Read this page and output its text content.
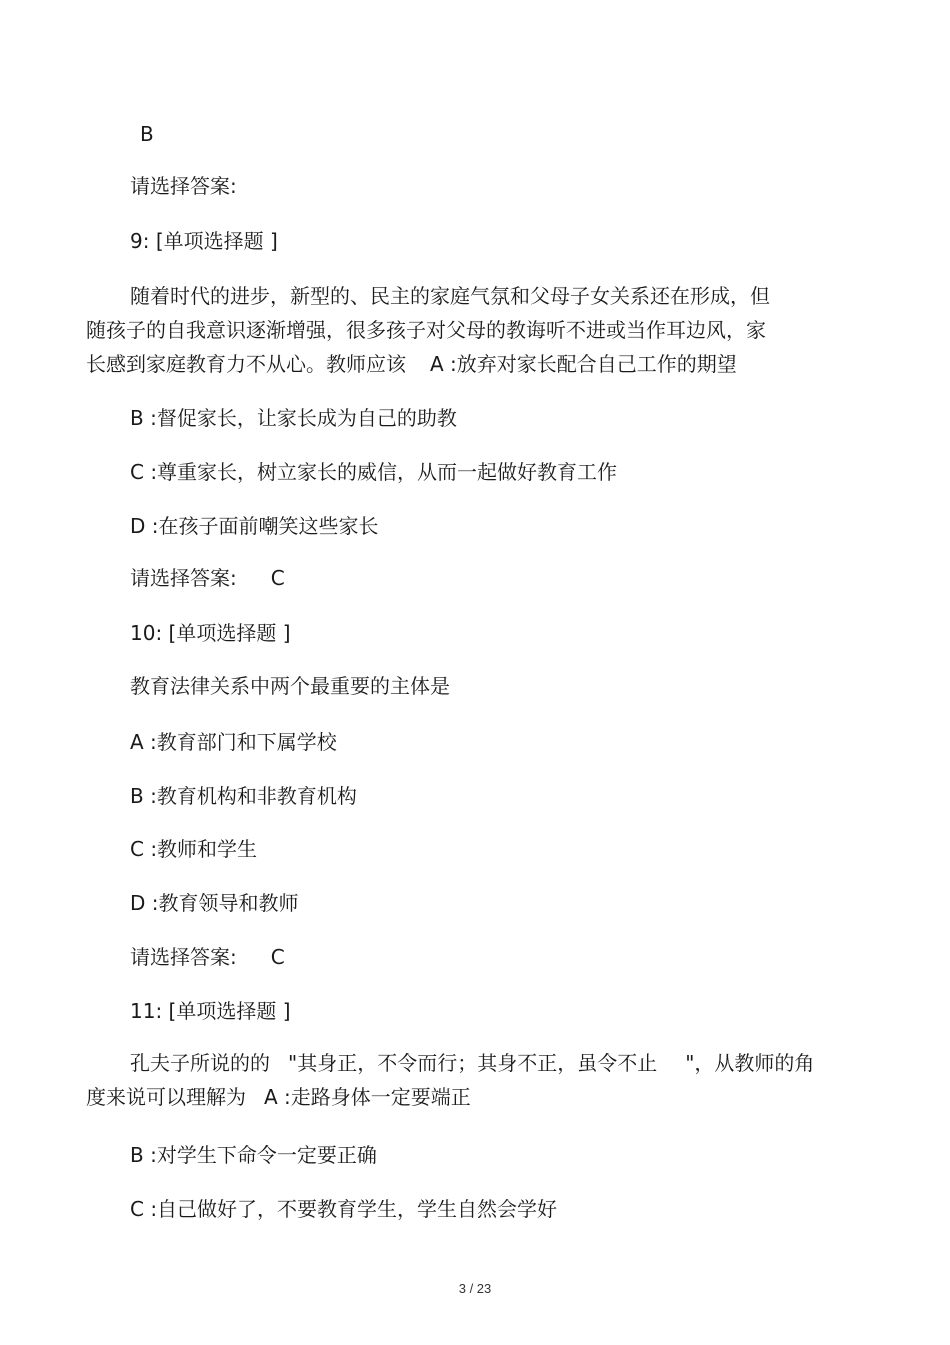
B
请选择答案:
9: [单项选择题 ]
随着时代的进步，新型的、民主的家庭气氛和父母子女关系还在形成，但
随孩子的自我意识逐渐增强，很多孩子对父母的教诲听不进或当作耳边风，家
长感到家庭教育力不从心。教师应该 A :放弃对家长配合自己工作的期望
B :督促家长，让家长成为自己的助教
C :尊重家长，树立家长的威信，从而一起做好教育工作
D :在孩子面前嘲笑这些家长
请选择答案: C
10: [单项选择题 ]
教育法律关系中两个最重要的主体是
A :教育部门和下属学校
B :教育机构和非教育机构
C :教师和学生
D :教育领导和教师
请选择答案: C
11: [单项选择题 ]
孔夫子所说的的 "其身正，不令而行；其身不正，虽令不止 "，从教师的角
度来说可以理解为 A :走路身体一定要端正
B :对学生下命令一定要正确
C :自己做好了，不要教育学生，学生自然会学好
3 / 23
